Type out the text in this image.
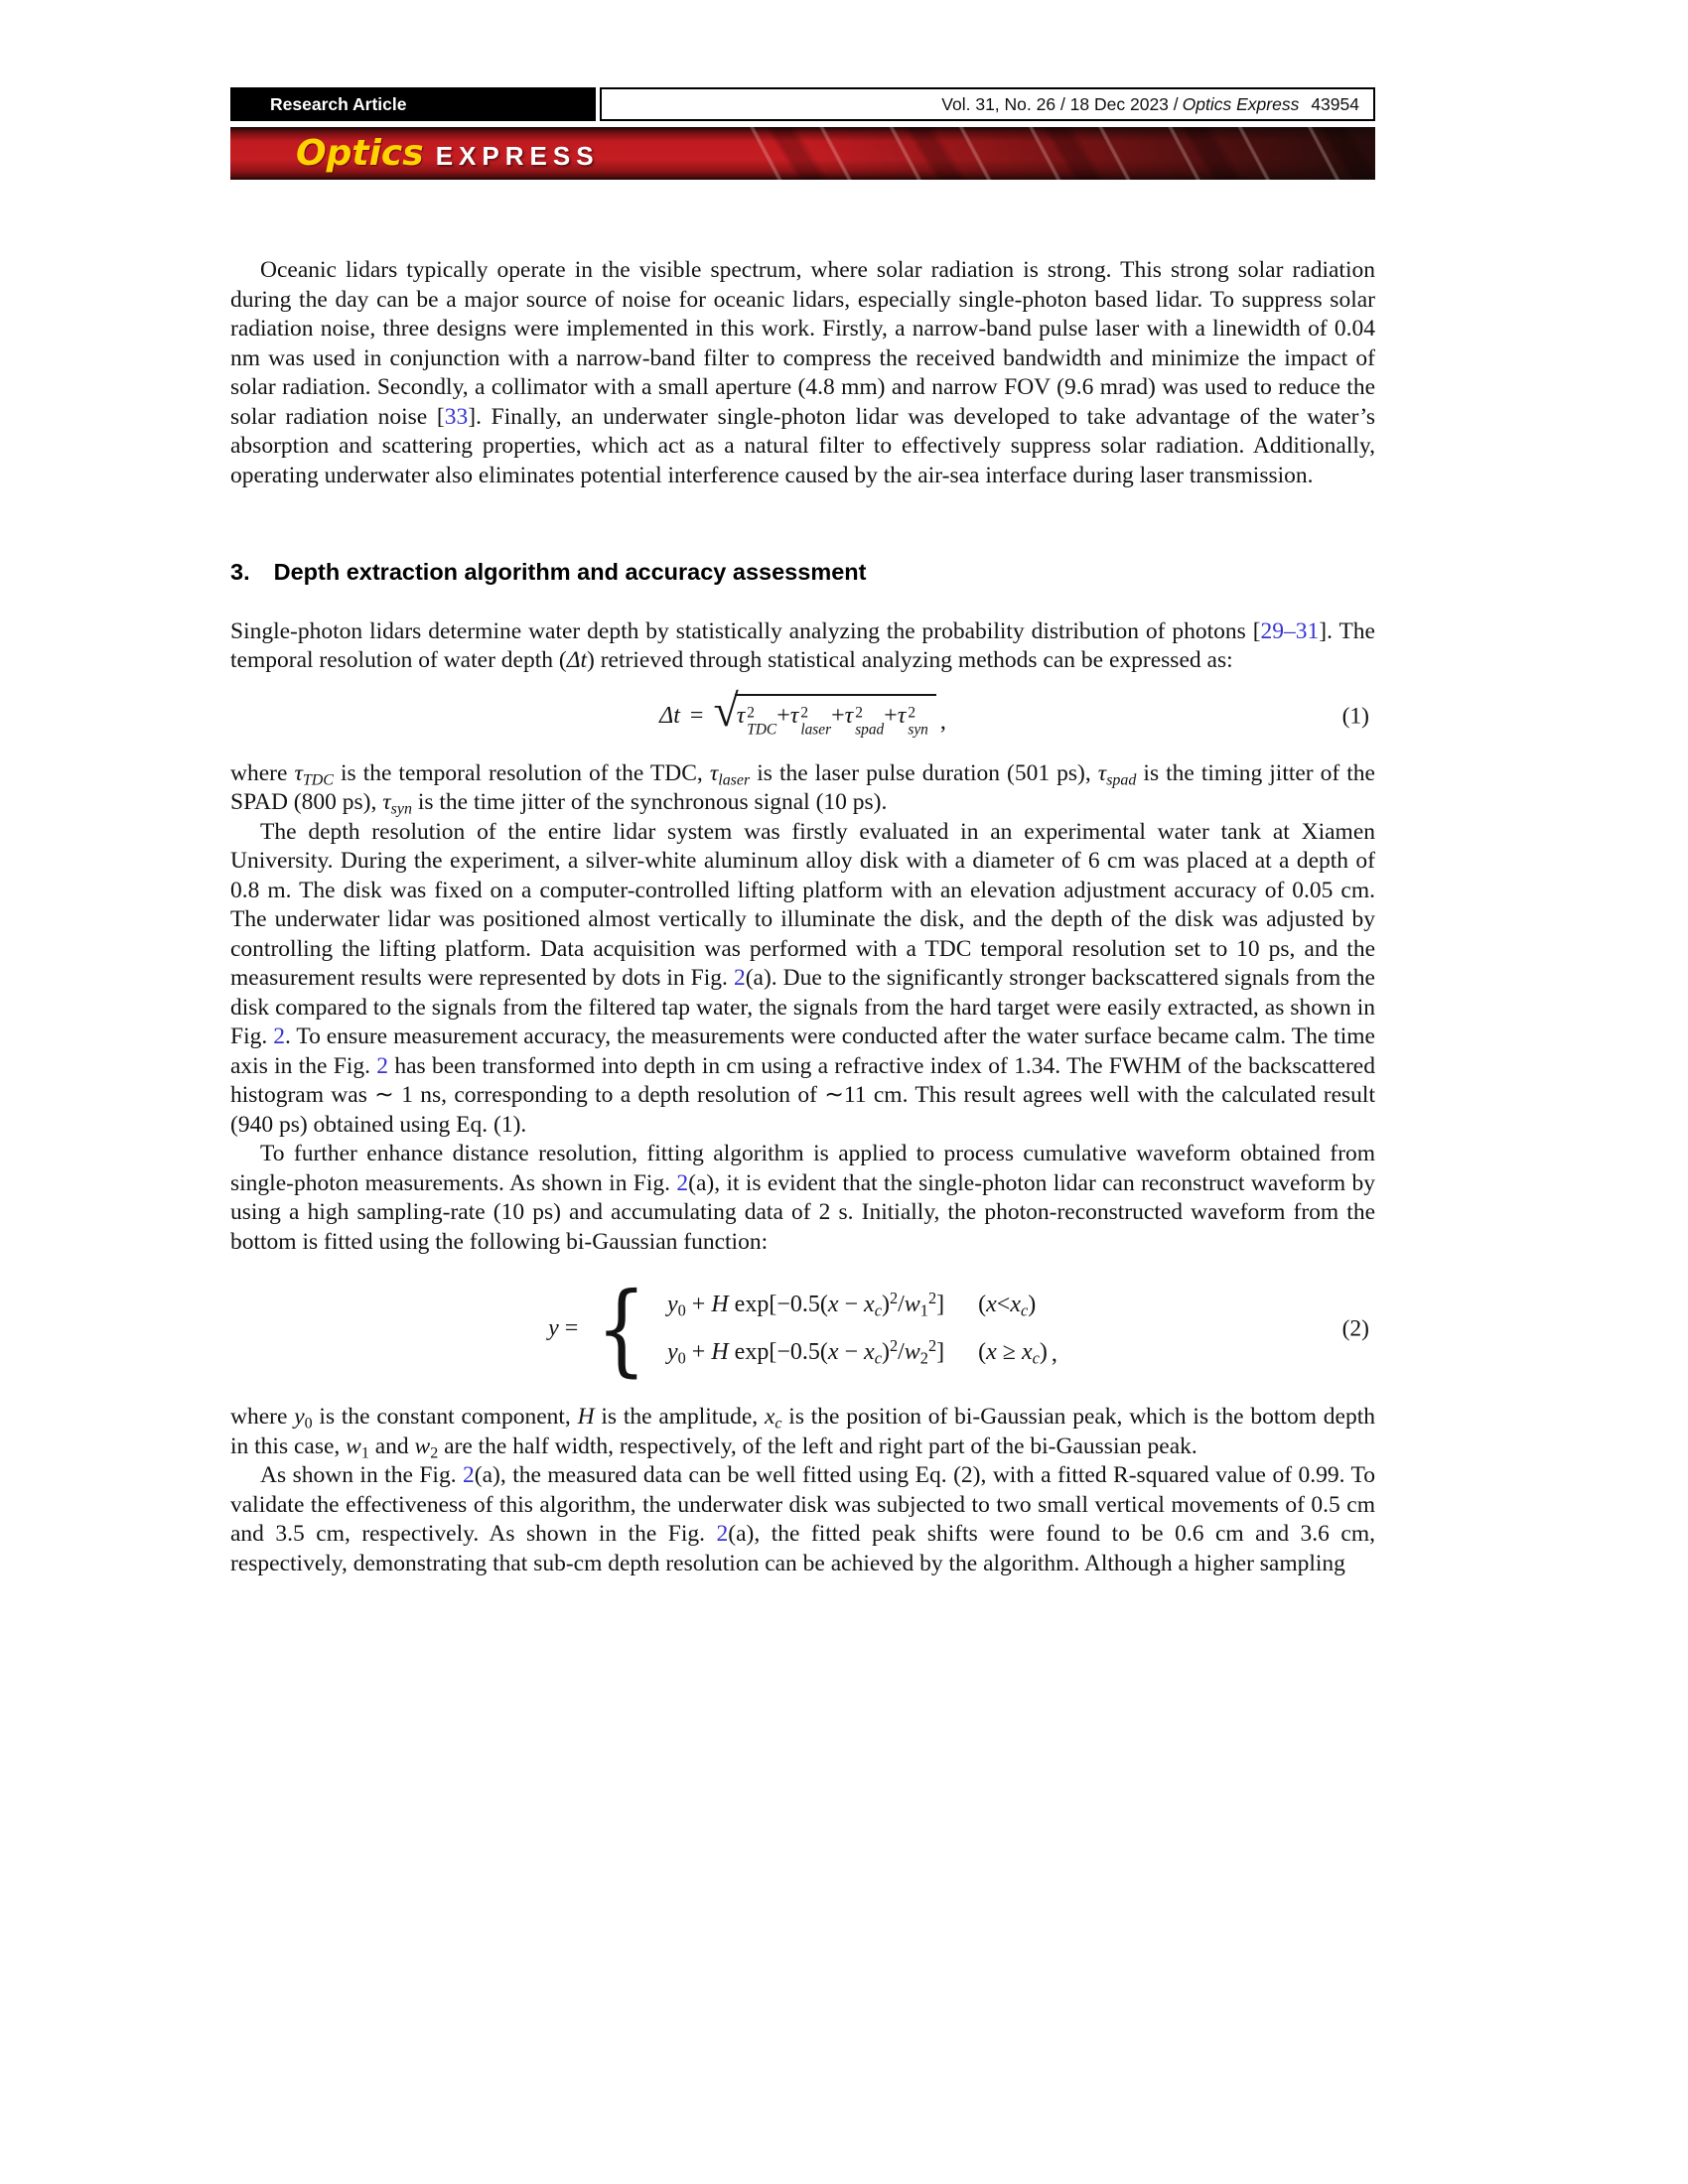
Research Article	Vol. 31, No. 26 / 18 Dec 2023 / Optics Express 43954
Optics EXPRESS

Oceanic lidars typically operate in the visible spectrum, where solar radiation is strong. This strong solar radiation during the day can be a major source of noise for oceanic lidars, especially single-photon based lidar. To suppress solar radiation noise, three designs were implemented in this work. Firstly, a narrow-band pulse laser with a linewidth of 0.04 nm was used in conjunction with a narrow-band filter to compress the received bandwidth and minimize the impact of solar radiation. Secondly, a collimator with a small aperture (4.8 mm) and narrow FOV (9.6 mrad) was used to reduce the solar radiation noise [33]. Finally, an underwater single-photon lidar was developed to take advantage of the water’s absorption and scattering properties, which act as a natural filter to effectively suppress solar radiation. Additionally, operating underwater also eliminates potential interference caused by the air-sea interface during laser transmission.

3. Depth extraction algorithm and accuracy assessment

Single-photon lidars determine water depth by statistically analyzing the probability distribution of photons [29–31]. The temporal resolution of water depth (Δt) retrieved through statistical analyzing methods can be expressed as:

Δt = √
τ 2
TDC
+ τ 2
laser
+ τ 2
spad
+ τ 2
syn ,	(1)

where $\tau_{TDC}$ is the temporal resolution of the TDC, $\tau_{laser}$ is the laser pulse duration (501 ps), $\tau_{spad}$ is the timing jitter of the SPAD (800 ps), $\tau_{syn}$ is the time jitter of the synchronous signal (10 ps).

The depth resolution of the entire lidar system was firstly evaluated in an experimental water tank at Xiamen University. During the experiment, a silver-white aluminum alloy disk with a diameter of 6 cm was placed at a depth of 0.8 m. The disk was fixed on a computer-controlled lifting platform with an elevation adjustment accuracy of 0.05 cm. The underwater lidar was positioned almost vertically to illuminate the disk, and the depth of the disk was adjusted by controlling the lifting platform. Data acquisition was performed with a TDC temporal resolution set to 10 ps, and the measurement results were represented by dots in Fig. 2(a). Due to the significantly stronger backscattered signals from the disk compared to the signals from the filtered tap water, the signals from the hard target were easily extracted, as shown in Fig. 2. To ensure measurement accuracy, the measurements were conducted after the water surface became calm. The time axis in the Fig. 2 has been transformed into depth in cm using a refractive index of 1.34. The FWHM of the backscattered histogram was ∼ 1 ns, corresponding to a depth resolution of ∼11 cm. This result agrees well with the calculated result (940 ps) obtained using Eq. (1).

To further enhance distance resolution, fitting algorithm is applied to process cumulative waveform obtained from single-photon measurements. As shown in Fig. 2(a), it is evident that the single-photon lidar can reconstruct waveform by using a high sampling-rate (10 ps) and accumulating data of 2 s. Initially, the photon-reconstructed waveform from the bottom is fitted using the following bi-Gaussian function:

y = { $y_0 + H$ $\exp[-0.5(x - x_c)^2/w_1^2]$ $(x<x_c)$
$y_0 + H$ $\exp[-0.5(x - x_c)^2/w_2^2]$ $(x \ge x_c)$ ,
(2)

where $y_0$ is the constant component, H is the amplitude, $x_c$ is the position of bi-Gaussian peak, which is the bottom depth in this case, $w_1$ and $w_2$ are the half width, respectively, of the left and right part of the bi-Gaussian peak.

As shown in the Fig. 2(a), the measured data can be well fitted using Eq. (2), with a fitted R-squared value of 0.99. To validate the effectiveness of this algorithm, the underwater disk was subjected to two small vertical movements of 0.5 cm and 3.5 cm, respectively. As shown in the Fig. 2(a), the fitted peak shifts were found to be 0.6 cm and 3.6 cm, respectively, demonstrating that sub-cm depth resolution can be achieved by the algorithm. Although a higher sampling
